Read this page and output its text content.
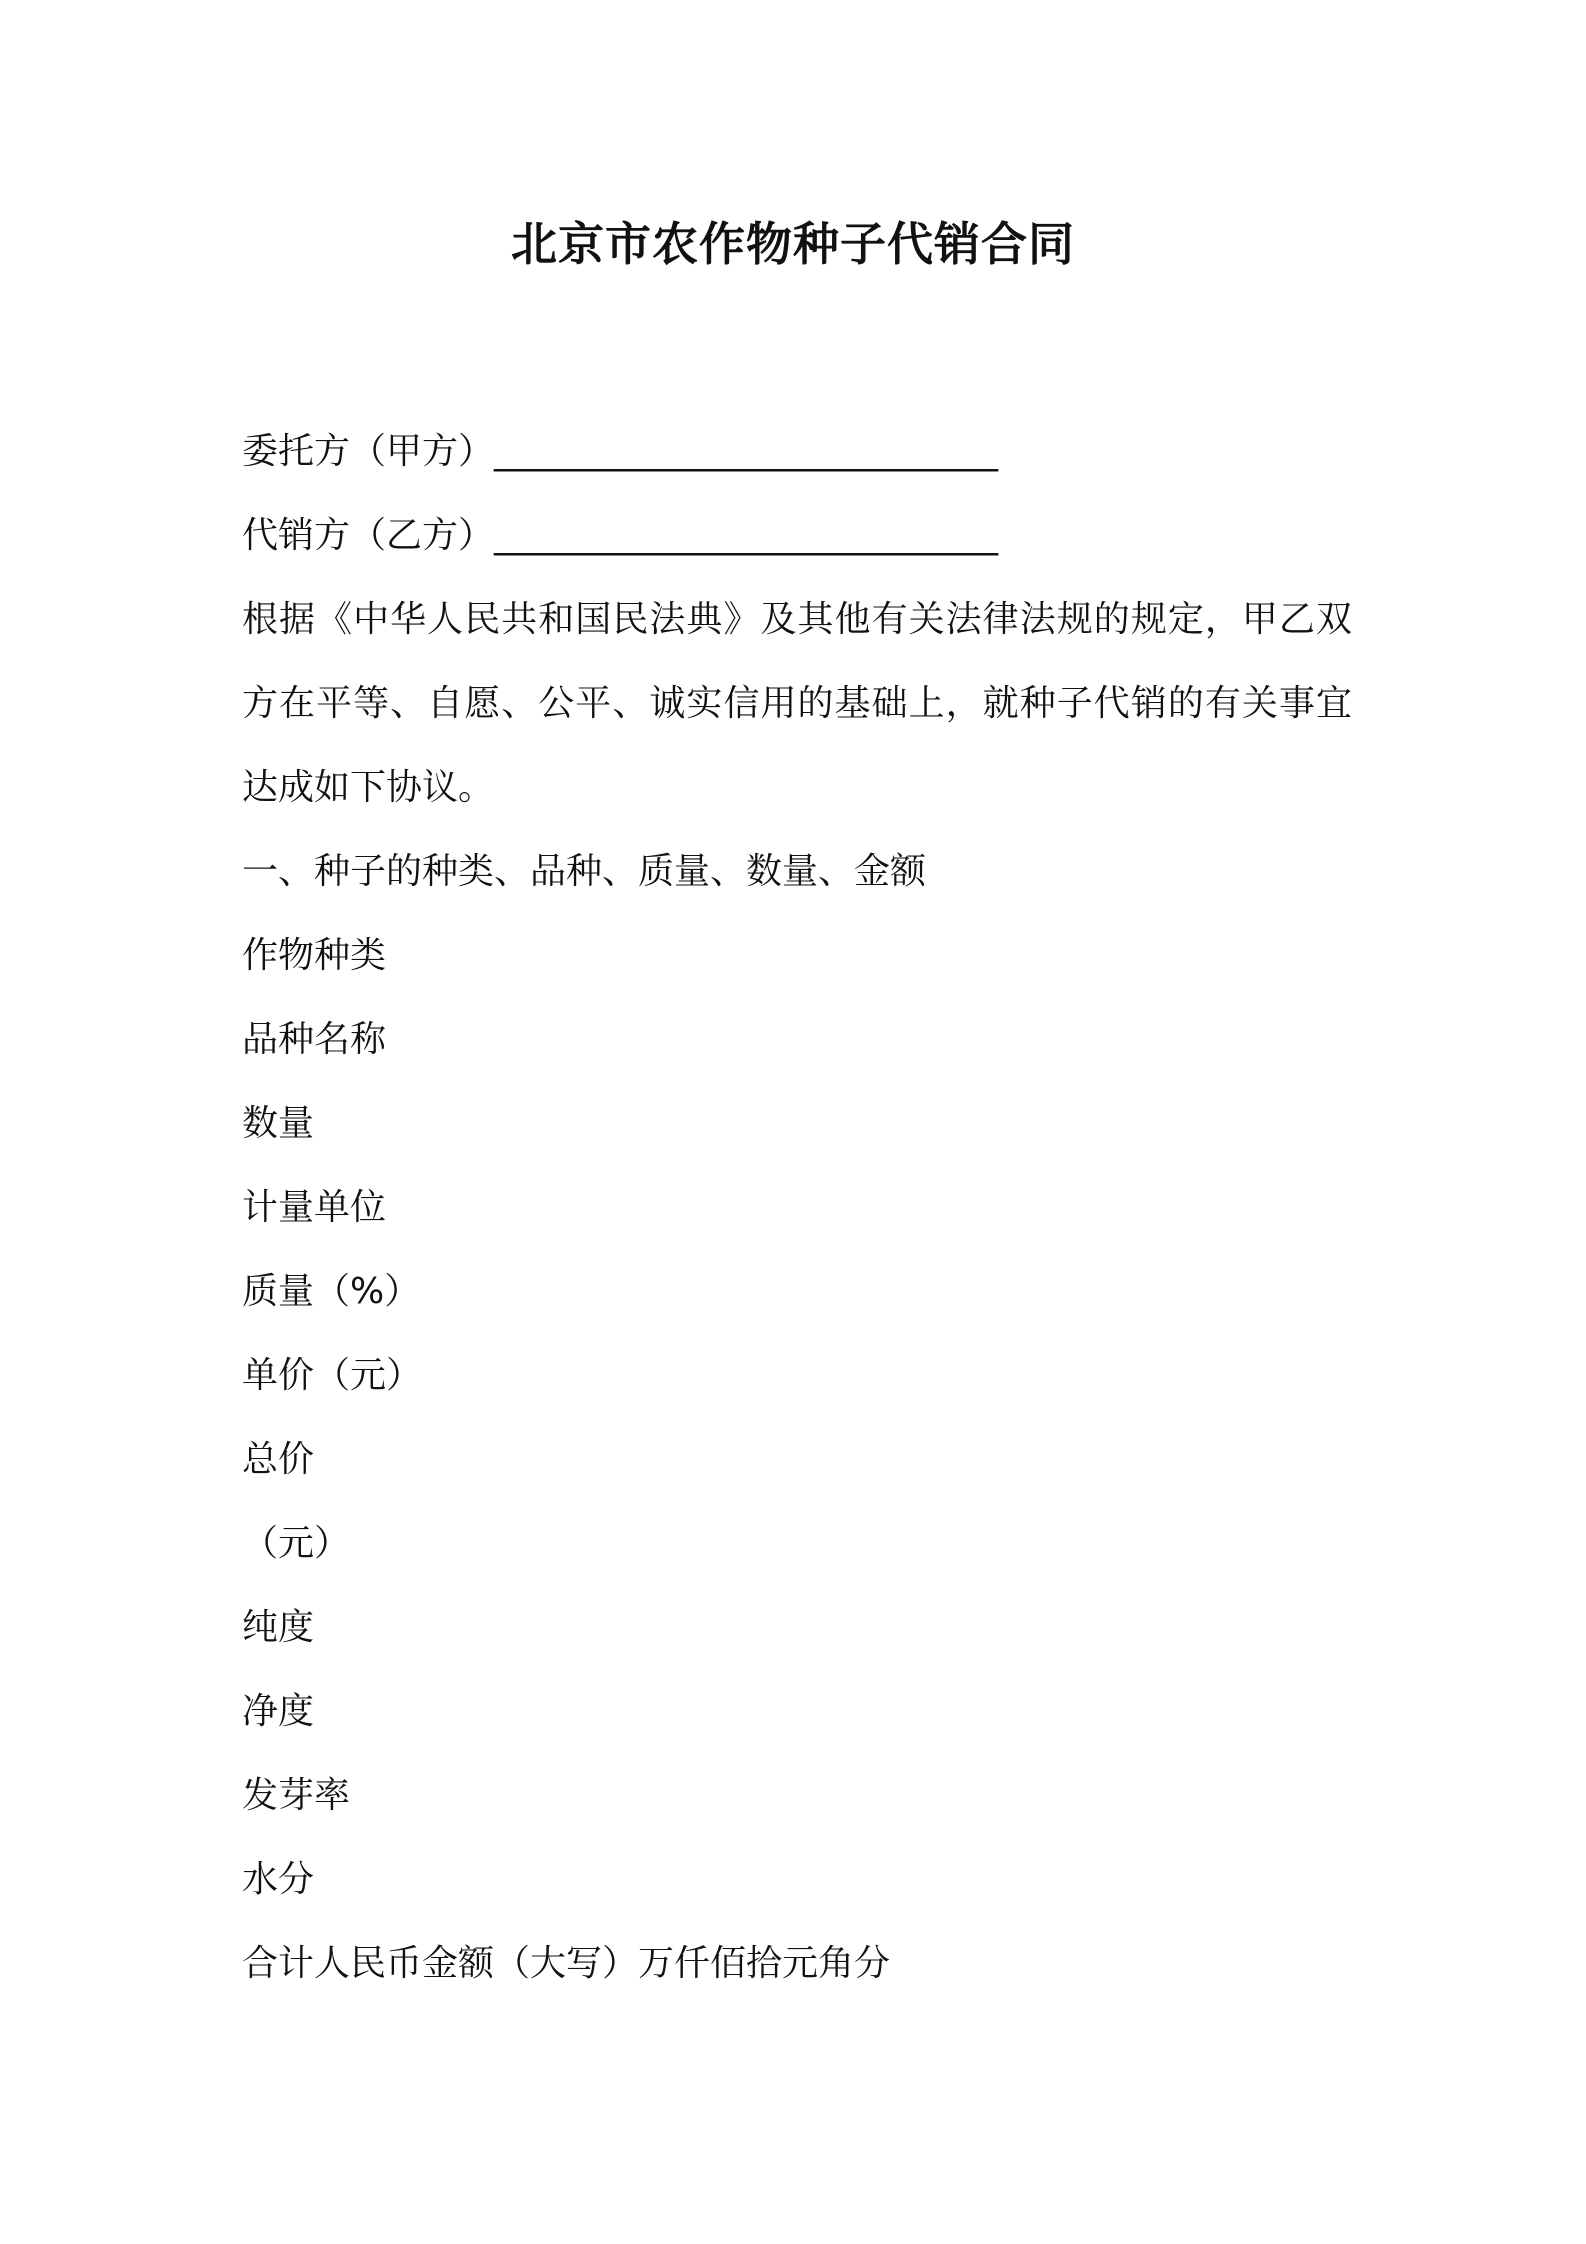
北京市农作物种子代销合同
委托方（甲方）____________________________
代销方（乙方）____________________________
根据《中华人民共和国民法典》及其他有关法律法规的规定，甲乙双方在平等、自愿、公平、诚实信用的基础上，就种子代销的有关事宜达成如下协议。
一、种子的种类、品种、质量、数量、金额
作物种类
品种名称
数量
计量单位
质量（%）
单价（元）
总价
（元）
纯度
净度
发芽率
水分
合计人民币金额（大写）万仟佰拾元角分
